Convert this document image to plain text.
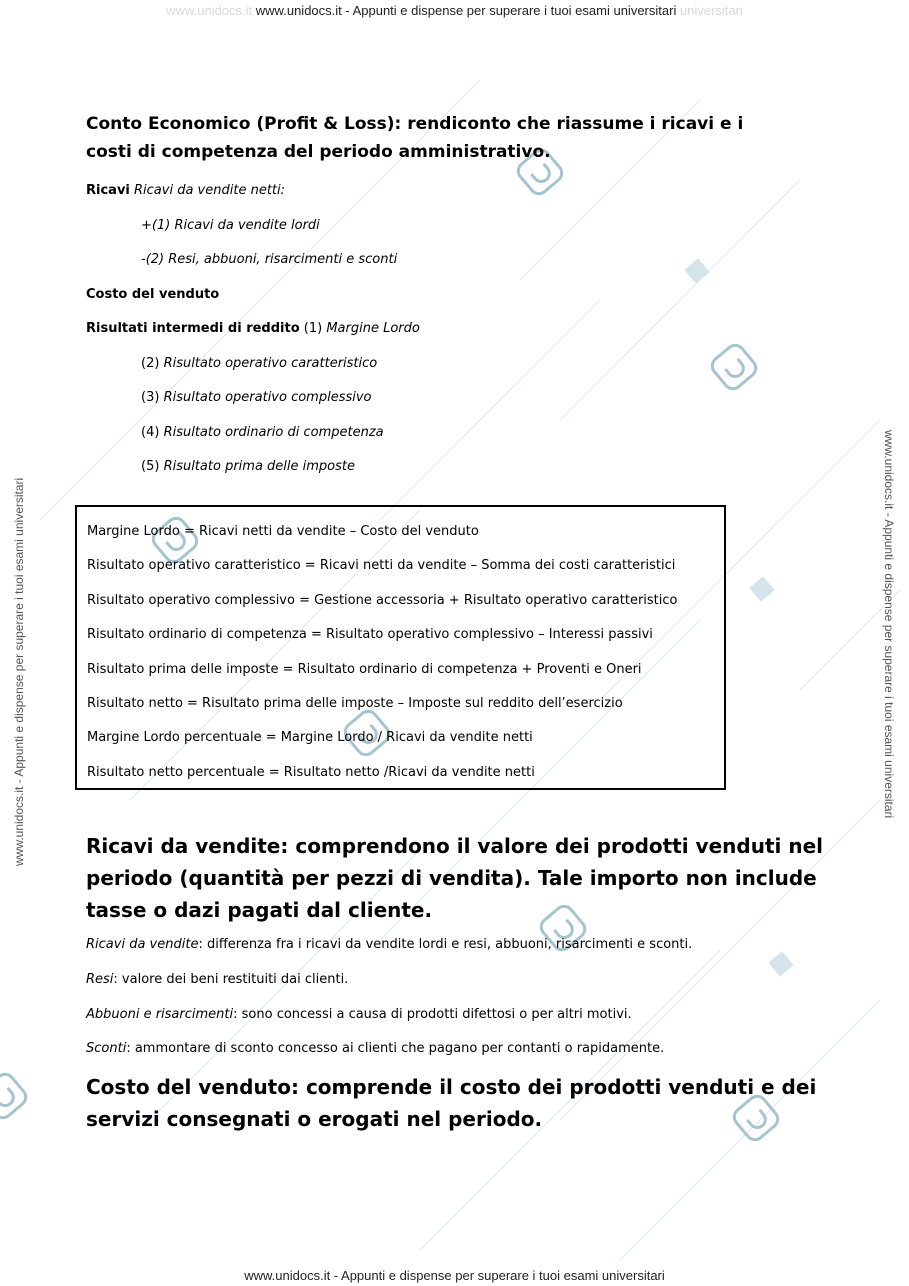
www.unidocs.it www.unidocs.it - Appunti e dispense per superare i tuoi esami universitari universitari
www.unidocs.it - Appunti e dispense per superare i tuoi esami universitari	www.unidocs.it - Appunti e dispense per superare i tuoi esami universitari

Conto Economico (Profit & Loss): rendiconto che riassume i ricavi e i costi di competenza del periodo amministrativo.

Ricavi Ricavi da vendite netti:
+(1) Ricavi da vendite lordi
-(2) Resi, abbuoni, risarcimenti e sconti
Costo del venduto
Risultati intermedi di reddito (1) Margine Lordo
(2) Risultato operativo caratteristico
(3) Risultato operativo complessivo
(4) Risultato ordinario di competenza
(5) Risultato prima delle imposte
Margine Lordo = Ricavi netti da vendite – Costo del venduto
Risultato operativo caratteristico = Ricavi netti da vendite – Somma dei costi caratteristici
Risultato operativo complessivo = Gestione accessoria + Risultato operativo caratteristico
Risultato ordinario di competenza = Risultato operativo complessivo – Interessi passivi
Risultato prima delle imposte = Risultato ordinario di competenza + Proventi e Oneri
Risultato netto = Risultato prima delle imposte – Imposte sul reddito dell’esercizio
Margine Lordo percentuale = Margine Lordo / Ricavi da vendite netti
Risultato netto percentuale = Risultato netto /Ricavi da vendite netti

Ricavi da vendite: comprendono il valore dei prodotti venduti nel periodo (quantità per pezzi di vendita). Tale importo non include tasse o dazi pagati dal cliente.

Ricavi da vendite: differenza fra i ricavi da vendite lordi e resi, abbuoni, risarcimenti e sconti.
Resi: valore dei beni restituiti dai clienti.
Abbuoni e risarcimenti: sono concessi a causa di prodotti difettosi o per altri motivi.
Sconti: ammontare di sconto concesso ai clienti che pagano per contanti o rapidamente.

Costo del venduto: comprende il costo dei prodotti venduti e dei servizi consegnati o erogati nel periodo.

www.unidocs.it - Appunti e dispense per superare i tuoi esami universitari
